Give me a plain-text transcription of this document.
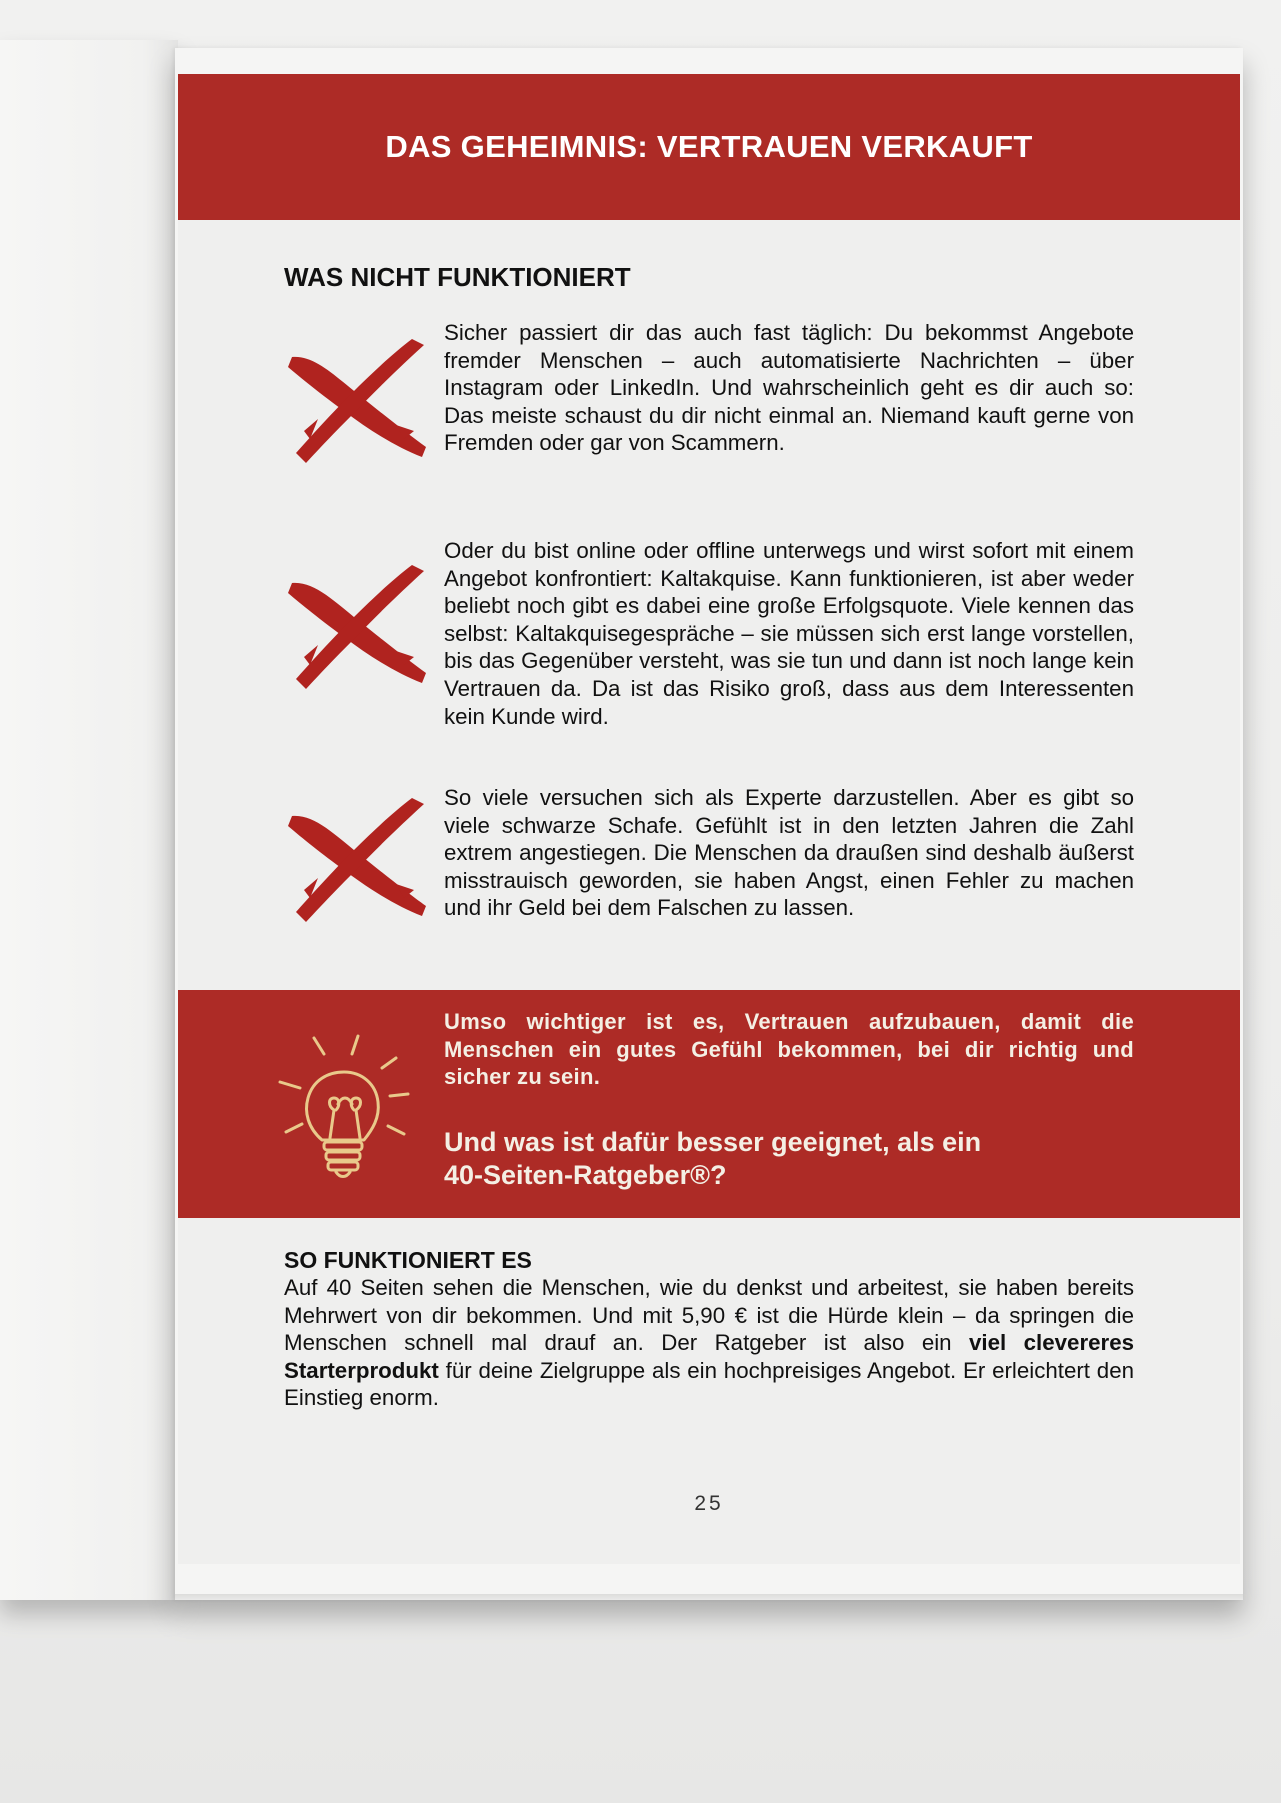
DAS GEHEIMNIS: VERTRAUEN VERKAUFT
WAS NICHT FUNKTIONIERT

Sicher passiert dir das auch fast täglich: Du bekommst Angebote fremder Menschen – auch automatisierte Nachrichten – über Instagram oder LinkedIn. Und wahrscheinlich geht es dir auch so: Das meiste schaust du dir nicht einmal an. Niemand kauft gerne von Fremden oder gar von Scammern.

Oder du bist online oder offline unterwegs und wirst sofort mit einem Angebot konfrontiert: Kaltakquise. Kann funktionieren, ist aber weder beliebt noch gibt es dabei eine große Erfolgsquote. Viele kennen das selbst: Kaltakquisegespräche – sie müssen sich erst lange vorstellen, bis das Gegenüber versteht, was sie tun und dann ist noch lange kein Vertrauen da. Da ist das Risiko groß, dass aus dem Interessenten kein Kunde wird.

So viele versuchen sich als Experte darzustellen. Aber es gibt so viele schwarze Schafe. Gefühlt ist in den letzten Jahren die Zahl extrem angestiegen. Die Menschen da draußen sind deshalb äußerst misstrauisch geworden, sie haben Angst, einen Fehler zu machen und ihr Geld bei dem Falschen zu lassen.

Umso wichtiger ist es, Vertrauen aufzubauen, damit die Menschen ein gutes Gefühl bekommen, bei dir richtig und sicher zu sein.

Und was ist dafür besser geeignet, als ein
40-Seiten-Ratgeber®?

SO FUNKTIONIERT ES

Auf 40 Seiten sehen die Menschen, wie du denkst und arbeitest, sie haben bereits Mehrwert von dir bekommen. Und mit 5,90 € ist die Hürde klein – da springen die Menschen schnell mal drauf an. Der Ratgeber ist also ein viel clevereres Starterprodukt für deine Zielgruppe als ein hochpreisiges Angebot. Er erleichtert den Einstieg enorm.

25
